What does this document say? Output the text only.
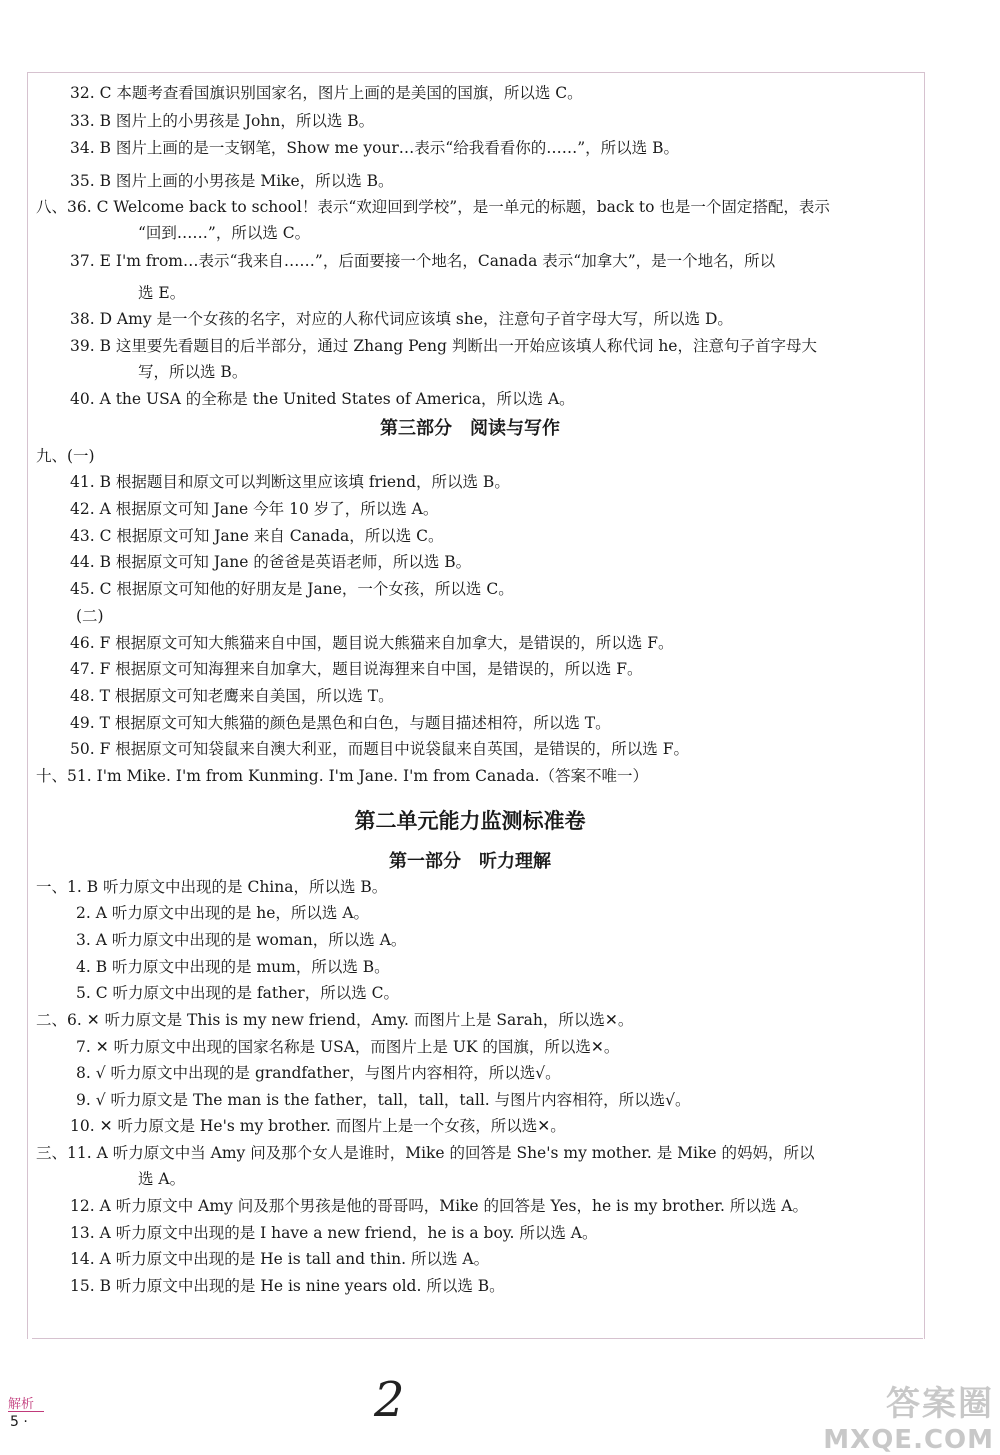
32. C 本题考查看国旗识别国家名，图片上画的是美国的国旗，所以选 C。
33. B 图片上的小男孩是 John，所以选 B。
34. B 图片上画的是一支钢笔，Show me your…表示“给我看看你的……”，所以选 B。
35. B 图片上画的小男孩是 Mike，所以选 B。
八、36. C Welcome back to school！表示“欢迎回到学校”，是一单元的标题，back to 也是一个固定搭配，表示
“回到……”，所以选 C。
37. E I'm from…表示“我来自……”，后面要接一个地名，Canada 表示“加拿大”，是一个地名，所以
选 E。
38. D Amy 是一个女孩的名字，对应的人称代词应该填 she，注意句子首字母大写，所以选 D。
39. B 这里要先看题目的后半部分，通过 Zhang Peng 判断出一开始应该填人称代词 he，注意句子首字母大
写，所以选 B。
40. A the USA 的全称是 the United States of America，所以选 A。
九、(一)
41. B 根据题目和原文可以判断这里应该填 friend，所以选 B。
42. A 根据原文可知 Jane 今年 10 岁了，所以选 A。
43. C 根据原文可知 Jane 来自 Canada，所以选 C。
44. B 根据原文可知 Jane 的爸爸是英语老师，所以选 B。
45. C 根据原文可知他的好朋友是 Jane，一个女孩，所以选 C。
(二)
46. F 根据原文可知大熊猫来自中国，题目说大熊猫来自加拿大，是错误的，所以选 F。
47. F 根据原文可知海狸来自加拿大，题目说海狸来自中国，是错误的，所以选 F。
48. T 根据原文可知老鹰来自美国，所以选 T。
49. T 根据原文可知大熊猫的颜色是黑色和白色，与题目描述相符，所以选 T。
50. F 根据原文可知袋鼠来自澳大利亚，而题目中说袋鼠来自英国，是错误的，所以选 F。
十、51. I'm Mike. I'm from Kunming. I'm Jane. I'm from Canada.（答案不唯一）
一、1. B 听力原文中出现的是 China，所以选 B。
2. A 听力原文中出现的是 he，所以选 A。
3. A 听力原文中出现的是 woman，所以选 A。
4. B 听力原文中出现的是 mum，所以选 B。
5. C 听力原文中出现的是 father，所以选 C。
二、6. ✕ 听力原文是 This is my new friend，Amy. 而图片上是 Sarah，所以选✕。
7. ✕ 听力原文中出现的国家名称是 USA，而图片上是 UK 的国旗，所以选✕。
8. √ 听力原文中出现的是 grandfather，与图片内容相符，所以选√。
9. √ 听力原文是 The man is the father，tall，tall，tall. 与图片内容相符，所以选√。
10. ✕ 听力原文是 He's my brother. 而图片上是一个女孩，所以选✕。
三、11. A 听力原文中当 Amy 问及那个女人是谁时，Mike 的回答是 She's my mother. 是 Mike 的妈妈，所以
选 A。
12. A 听力原文中 Amy 问及那个男孩是他的哥哥吗，Mike 的回答是 Yes，he is my brother. 所以选 A。
13. A 听力原文中出现的是 I have a new friend，he is a boy. 所以选 A。
14. A 听力原文中出现的是 He is tall and thin. 所以选 A。
15. B 听力原文中出现的是 He is nine years old. 所以选 B。
第三部分　阅读与写作
第二单元能力监测标准卷
第一部分　听力理解
解析
5 ·	2	答案圈
MXQE.COM
